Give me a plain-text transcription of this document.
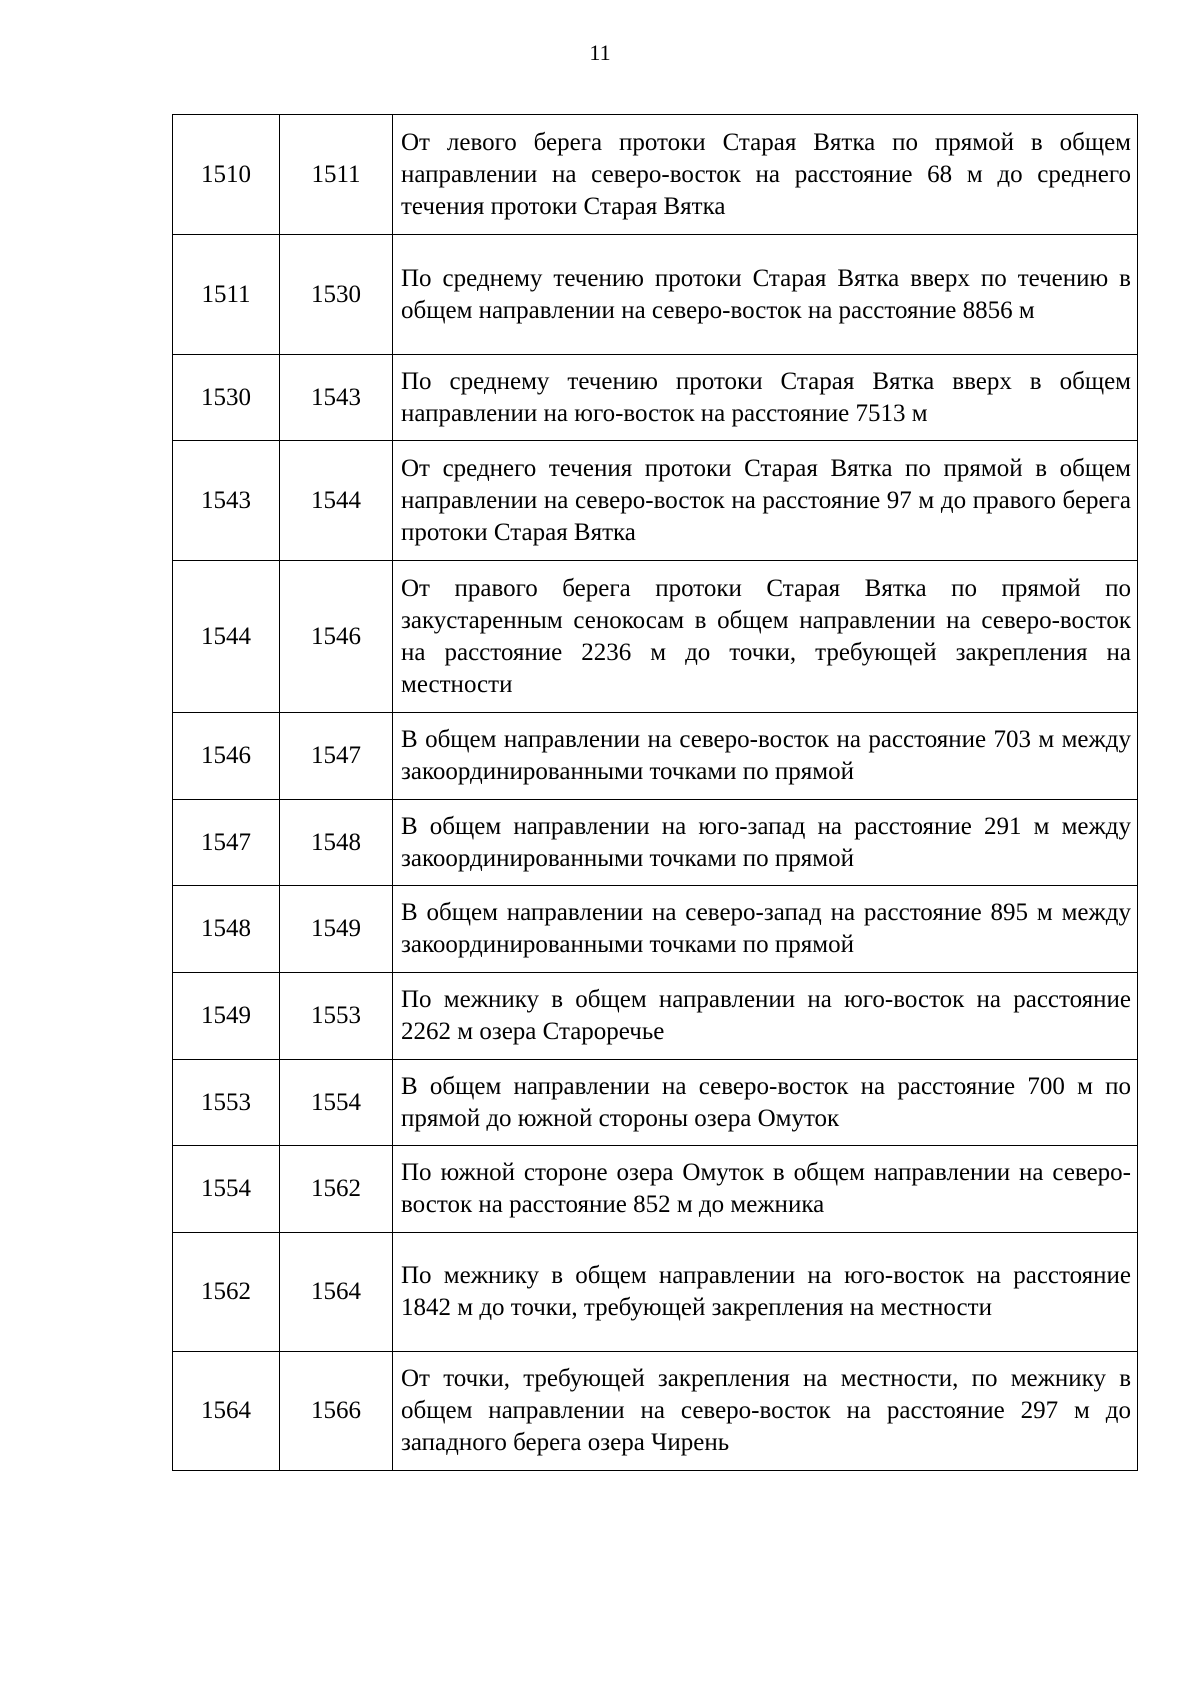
11
1510	1511	От левого берега протоки Старая Вятка по прямой в общем направлении на северо-восток на расстояние 68 м до среднего течения протоки Старая Вятка
1511	1530	По среднему течению протоки Старая Вятка вверх по течению в общем направлении на северо-восток на расстояние 8856 м
1530	1543	По среднему течению протоки Старая Вятка вверх в общем направлении на юго-восток на расстояние 7513 м
1543	1544	От среднего течения протоки Старая Вятка по прямой в общем направлении на северо-восток на расстояние 97 м до правого берега протоки Старая Вятка
1544	1546	От правого берега протоки Старая Вятка по прямой по закустаренным сенокосам в общем направлении на северо-восток на расстояние 2236 м до точки, требующей закрепления на местности
1546	1547	В общем направлении на северо-восток на расстояние 703 м между закоординированными точками по прямой
1547	1548	В общем направлении на юго-запад на расстояние 291 м между закоординированными точками по прямой
1548	1549	В общем направлении на северо-запад на расстояние 895 м между закоординированными точками по прямой
1549	1553	По межнику в общем направлении на юго-восток на расстояние 2262 м озера Староречье
1553	1554	В общем направлении на северо-восток на расстояние 700 м по прямой до южной стороны озера Омуток
1554	1562	По южной стороне озера Омуток в общем направлении на северо-восток на расстояние 852 м до межника
1562	1564	По межнику в общем направлении на юго-восток на расстояние 1842 м до точки, требующей закрепления на местности
1564	1566	От точки, требующей закрепления на местности, по межнику в общем направлении на северо-восток на расстояние 297 м до западного берега озера Чирень
